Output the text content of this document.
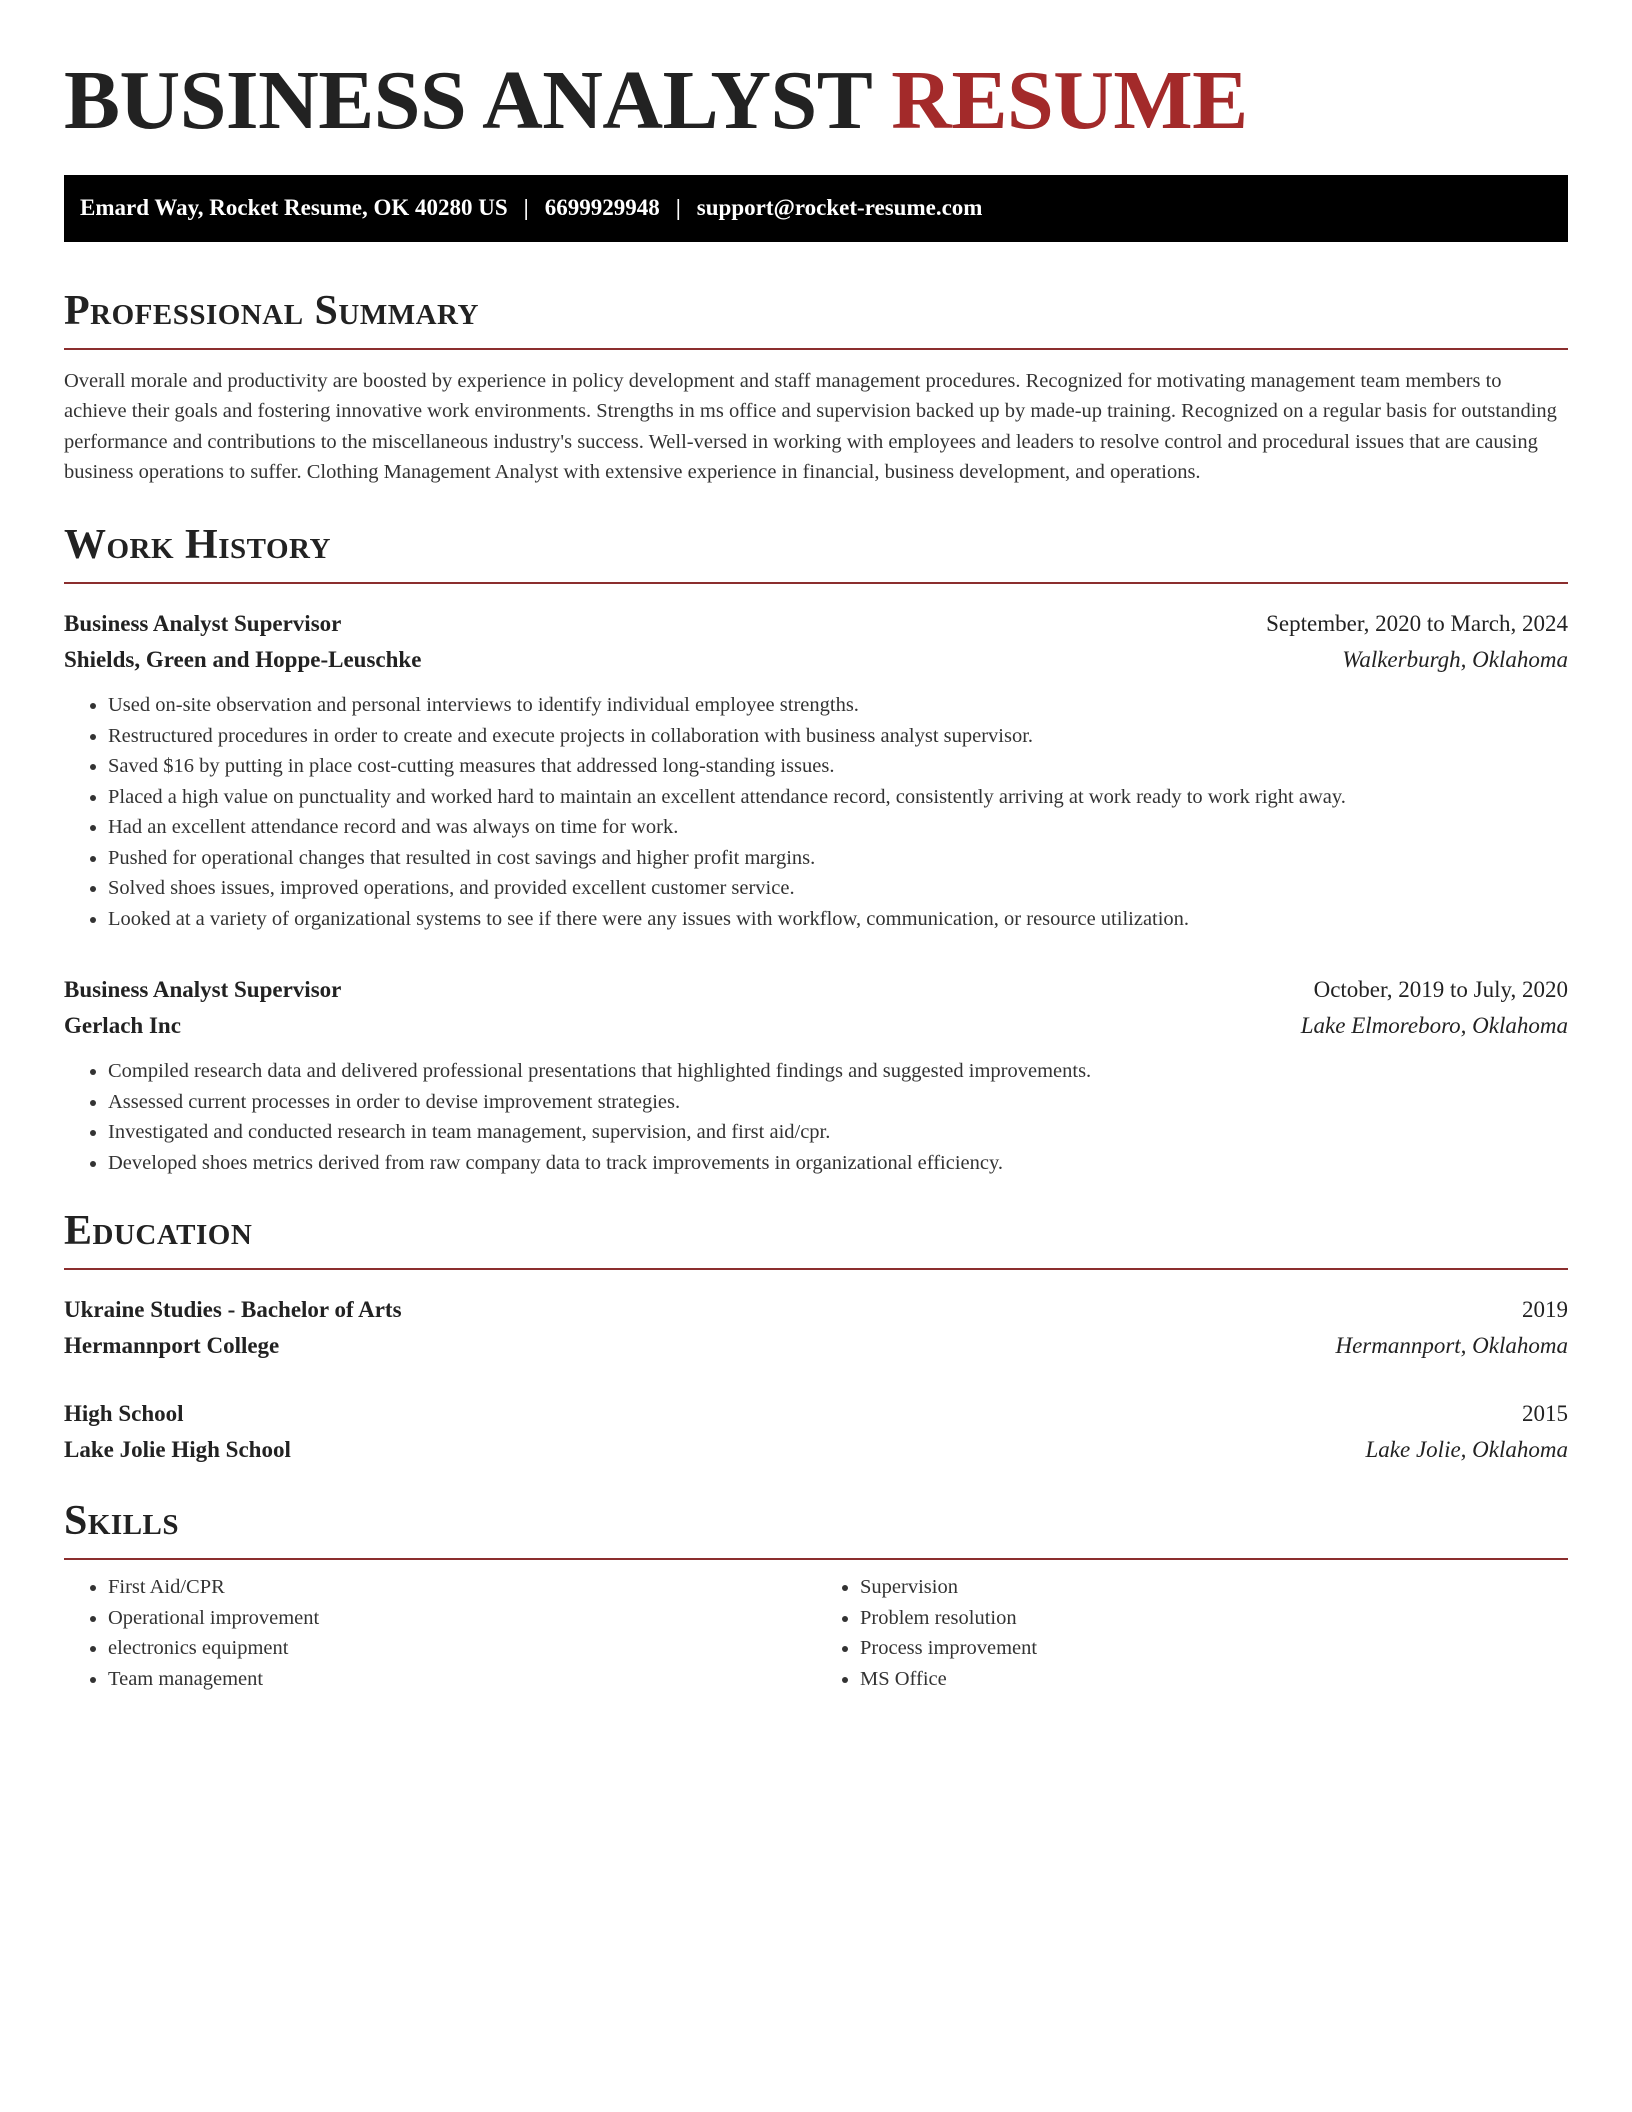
BUSINESS ANALYST RESUME
Emard Way, Rocket Resume, OK 40280 US | 6699929948 | support@rocket-resume.com
Professional Summary

Overall morale and productivity are boosted by experience in policy development and staff management procedures. Recognized for motivating management team members to achieve their goals and fostering innovative work environments. Strengths in ms office and supervision backed up by made-up training. Recognized on a regular basis for outstanding performance and contributions to the miscellaneous industry's success. Well-versed in working with employees and leaders to resolve control and procedural issues that are causing business operations to suffer. Clothing Management Analyst with extensive experience in financial, business development, and operations.

Work History
Business Analyst Supervisor	September, 2020 to March, 2024
Shields, Green and Hoppe-Leuschke	Walkerburgh, Oklahoma
• Used on-site observation and personal interviews to identify individual employee strengths.
• Restructured procedures in order to create and execute projects in collaboration with business analyst supervisor.
• Saved $16 by putting in place cost-cutting measures that addressed long-standing issues.
• Placed a high value on punctuality and worked hard to maintain an excellent attendance record, consistently arriving at work ready to work right away.
• Had an excellent attendance record and was always on time for work.
• Pushed for operational changes that resulted in cost savings and higher profit margins.
• Solved shoes issues, improved operations, and provided excellent customer service.
• Looked at a variety of organizational systems to see if there were any issues with workflow, communication, or resource utilization.
Business Analyst Supervisor	October, 2019 to July, 2020
Gerlach Inc	Lake Elmoreboro, Oklahoma
• Compiled research data and delivered professional presentations that highlighted findings and suggested improvements.
• Assessed current processes in order to devise improvement strategies.
• Investigated and conducted research in team management, supervision, and first aid/cpr.
• Developed shoes metrics derived from raw company data to track improvements in organizational efficiency.
Education
Ukraine Studies - Bachelor of Arts	2019
Hermannport College	Hermannport, Oklahoma
High School	2015
Lake Jolie High School	Lake Jolie, Oklahoma
Skills
• First Aid/CPR
• Operational improvement
• electronics equipment
• Team management
• Supervision
• Problem resolution
• Process improvement
• MS Office
